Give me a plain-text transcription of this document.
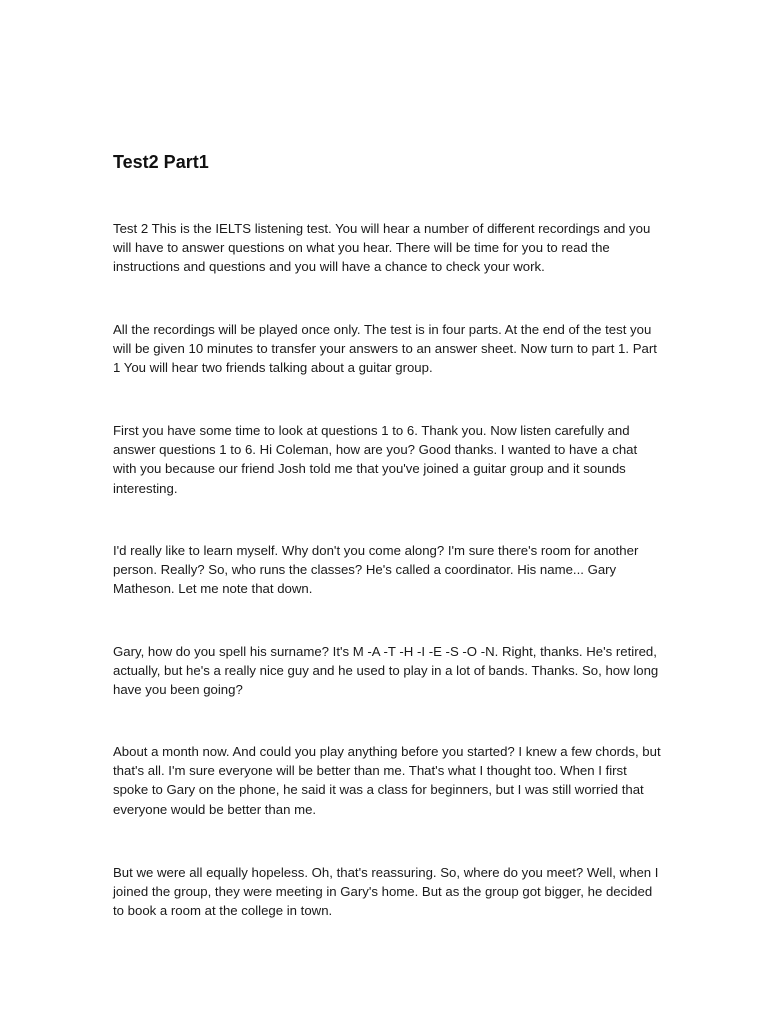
Test2 Part1

Test 2 This is the IELTS listening test. You will hear a number of different recordings and you will have to answer questions on what you hear. There will be time for you to read the instructions and questions and you will have a chance to check your work.

All the recordings will be played once only. The test is in four parts. At the end of the test you will be given 10 minutes to transfer your answers to an answer sheet. Now turn to part 1. Part 1 You will hear two friends talking about a guitar group.

First you have some time to look at questions 1 to 6. Thank you. Now listen carefully and answer questions 1 to 6. Hi Coleman, how are you? Good thanks. I wanted to have a chat with you because our friend Josh told me that you've joined a guitar group and it sounds interesting.

I'd really like to learn myself. Why don't you come along? I'm sure there's room for another person. Really? So, who runs the classes? He's called a coordinator. His name... Gary Matheson. Let me note that down.

Gary, how do you spell his surname? It's M -A -T -H -I -E -S -O -N. Right, thanks. He's retired, actually, but he's a really nice guy and he used to play in a lot of bands. Thanks. So, how long have you been going?

About a month now. And could you play anything before you started? I knew a few chords, but that's all. I'm sure everyone will be better than me. That's what I thought too. When I first spoke to Gary on the phone, he said it was a class for beginners, but I was still worried that everyone would be better than me.

But we were all equally hopeless. Oh, that's reassuring. So, where do you meet? Well, when I joined the group, they were meeting in Gary's home. But as the group got bigger, he decided to book a room at the college in town.
